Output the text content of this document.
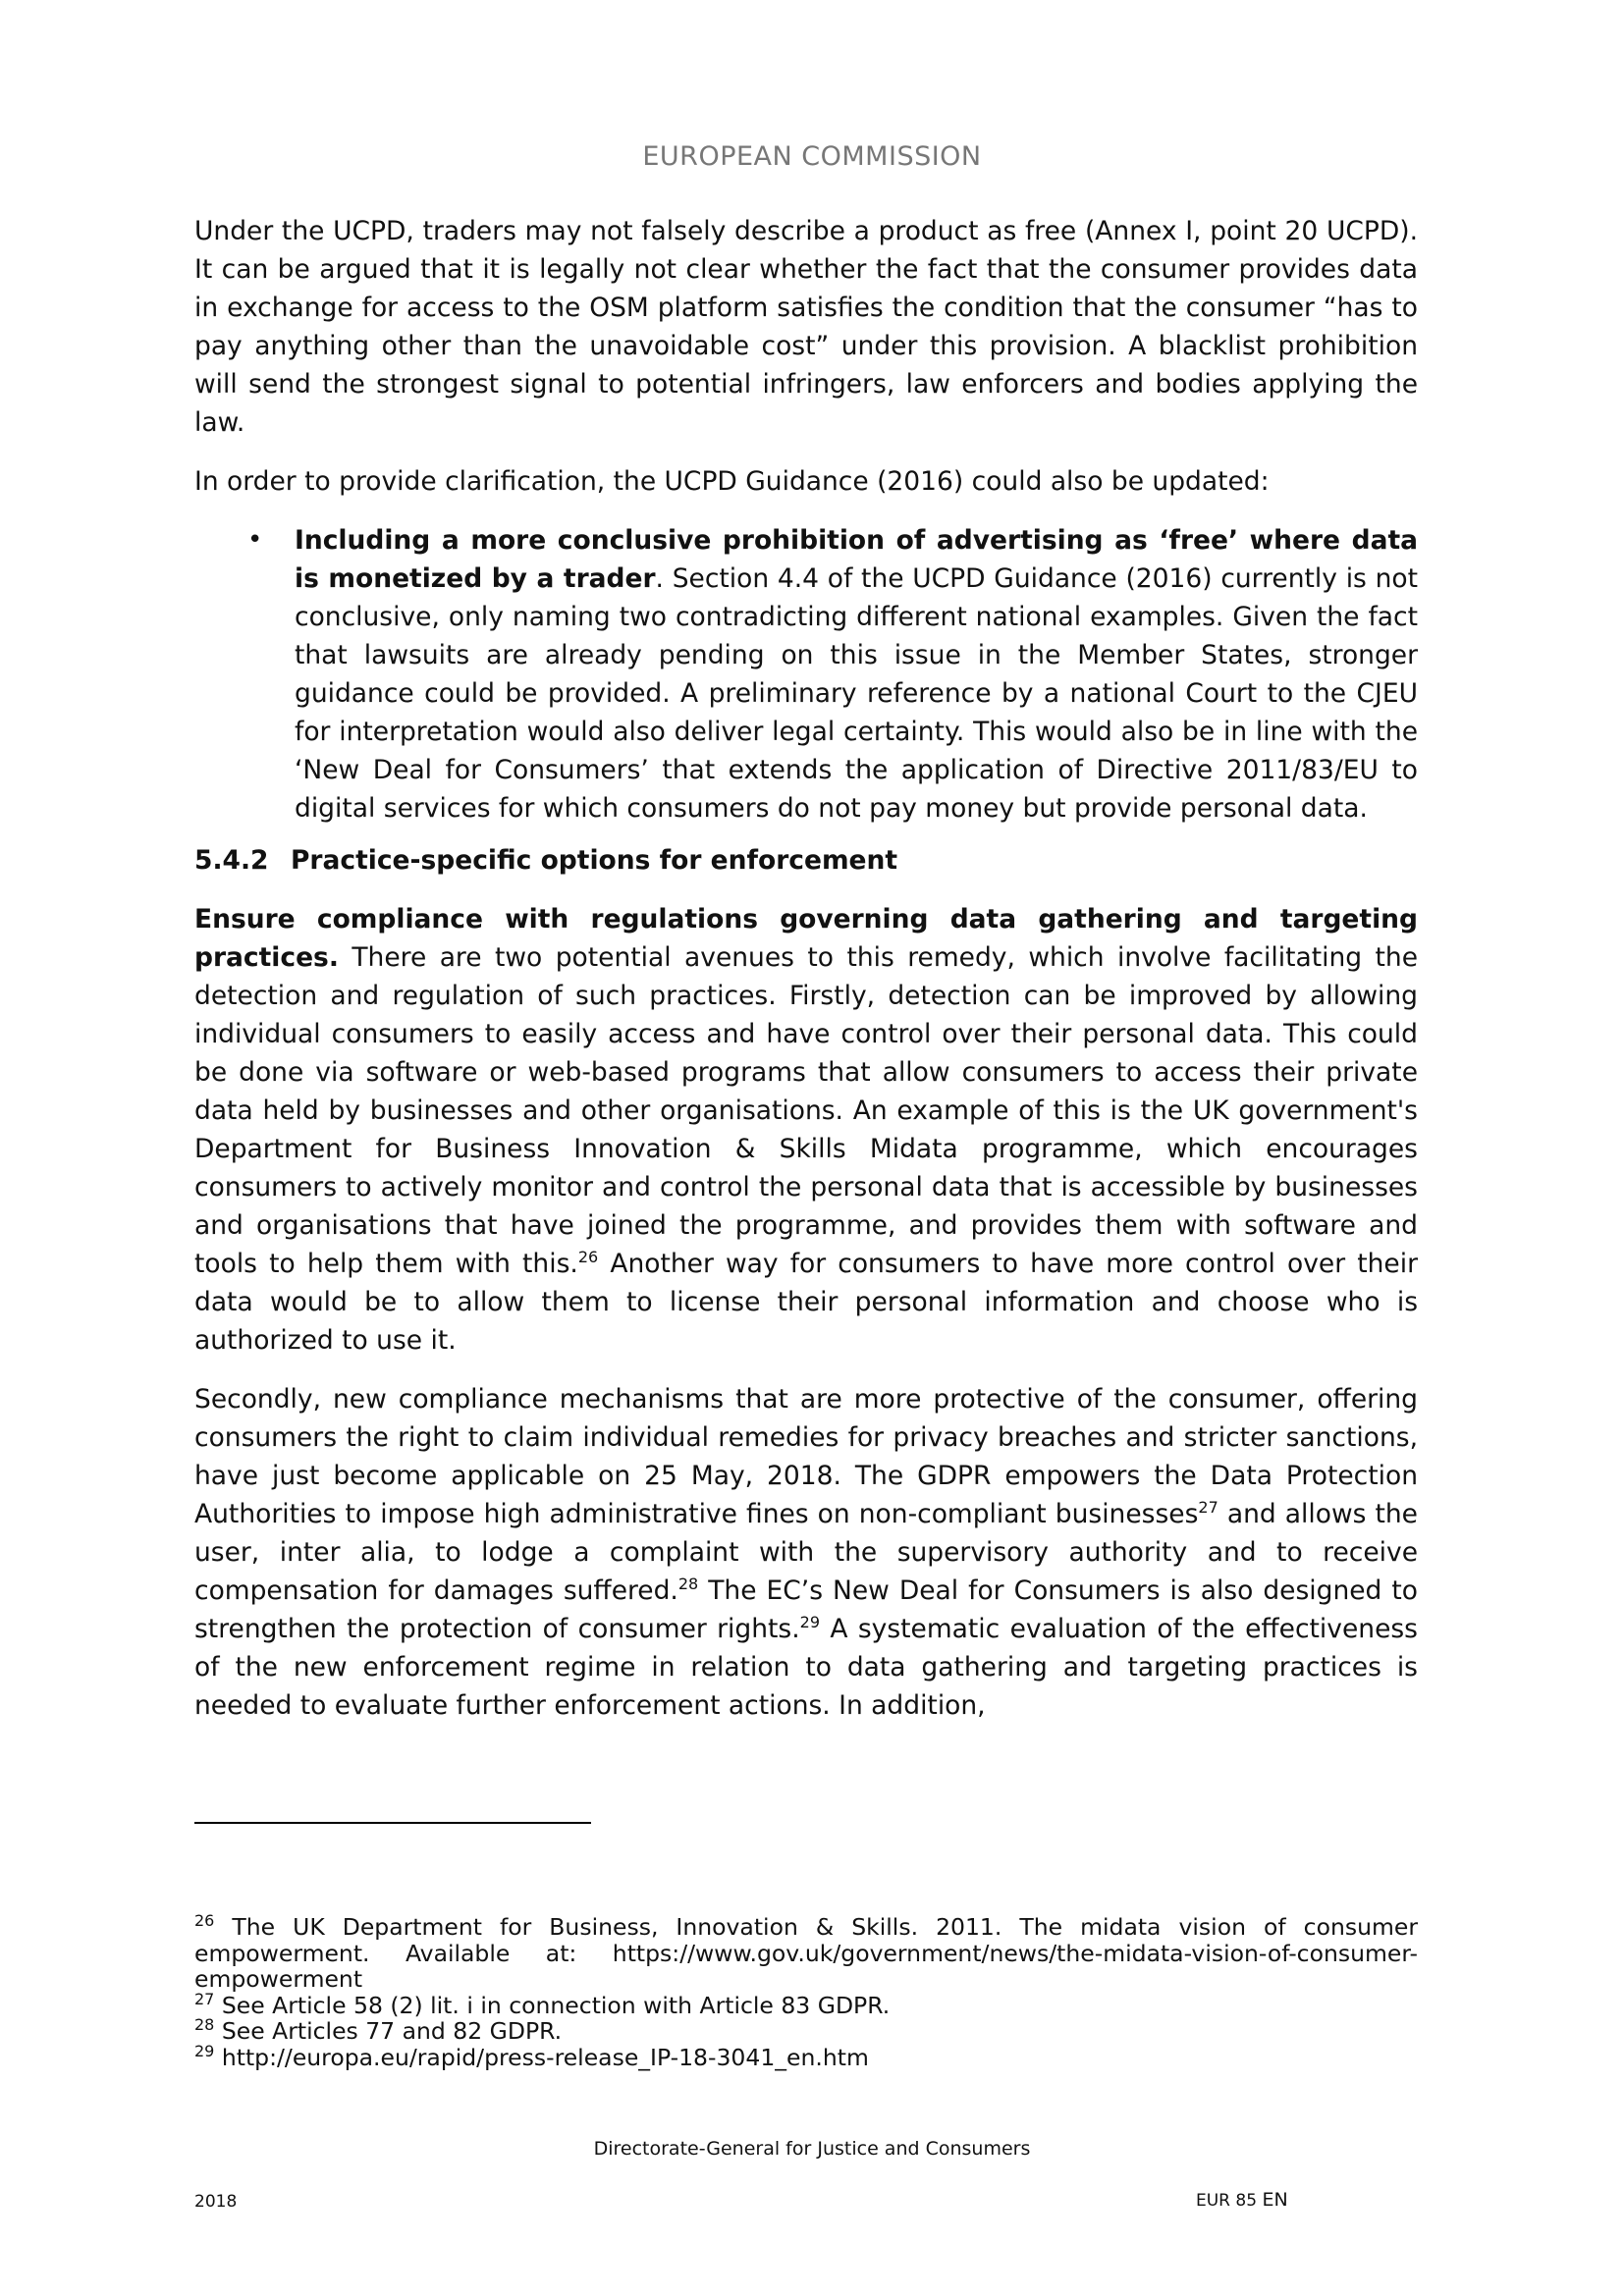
EUROPEAN COMMISSION

Under the UCPD, traders may not falsely describe a product as free (Annex I, point 20 UCPD). It can be argued that it is legally not clear whether the fact that the consumer provides data in exchange for access to the OSM platform satisfies the condition that the consumer “has to pay anything other than the unavoidable cost” under this provision. A blacklist prohibition will send the strongest signal to potential infringers, law enforcers and bodies applying the law.

In order to provide clarification, the UCPD Guidance (2016) could also be updated:

• Including a more conclusive prohibition of advertising as ‘free’ where data is monetized by a trader. Section 4.4 of the UCPD Guidance (2016) currently is not conclusive, only naming two contradicting different national examples. Given the fact that lawsuits are already pending on this issue in the Member States, stronger guidance could be provided. A preliminary reference by a national Court to the CJEU for interpretation would also deliver legal certainty. This would also be in line with the ‘New Deal for Consumers’ that extends the application of Directive 2011/83/EU to digital services for which consumers do not pay money but provide personal data.
5.4.2 Practice-specific options for enforcement

Ensure compliance with regulations governing data gathering and targeting practices. There are two potential avenues to this remedy, which involve facilitating the detection and regulation of such practices. Firstly, detection can be improved by allowing individual consumers to easily access and have control over their personal data. This could be done via software or web-based programs that allow consumers to access their private data held by businesses and other organisations. An example of this is the UK government's Department for Business Innovation & Skills Midata programme, which encourages consumers to actively monitor and control the personal data that is accessible by businesses and organisations that have joined the programme, and provides them with software and tools to help them with this.$^{26}$ Another way for consumers to have more control over their data would be to allow them to license their personal information and choose who is authorized to use it.

Secondly, new compliance mechanisms that are more protective of the consumer, offering consumers the right to claim individual remedies for privacy breaches and stricter sanctions, have just become applicable on 25 May, 2018. The GDPR empowers the Data Protection Authorities to impose high administrative fines on non-compliant businesses$^{27}$ and allows the user, inter alia, to lodge a complaint with the supervisory authority and to receive compensation for damages suffered.$^{28}$ The EC’s New Deal for Consumers is also designed to strengthen the protection of consumer rights.$^{29}$ A systematic evaluation of the effectiveness of the new enforcement regime in relation to data gathering and targeting practices is needed to evaluate further enforcement actions. In addition,

$^{26}$ The UK Department for Business, Innovation & Skills. 2011. The midata vision of consumer empowerment. Available at: https://www.gov.uk/government/news/the-midata-vision-of-consumer-empowerment
$^{27}$ See Article 58 (2) lit. i in connection with Article 83 GDPR.
$^{28}$ See Articles 77 and 82 GDPR.
$^{29}$ http://europa.eu/rapid/press-release_IP-18-3041_en.htm
Directorate-General for Justice and Consumers
2018	EUR 85 EN
